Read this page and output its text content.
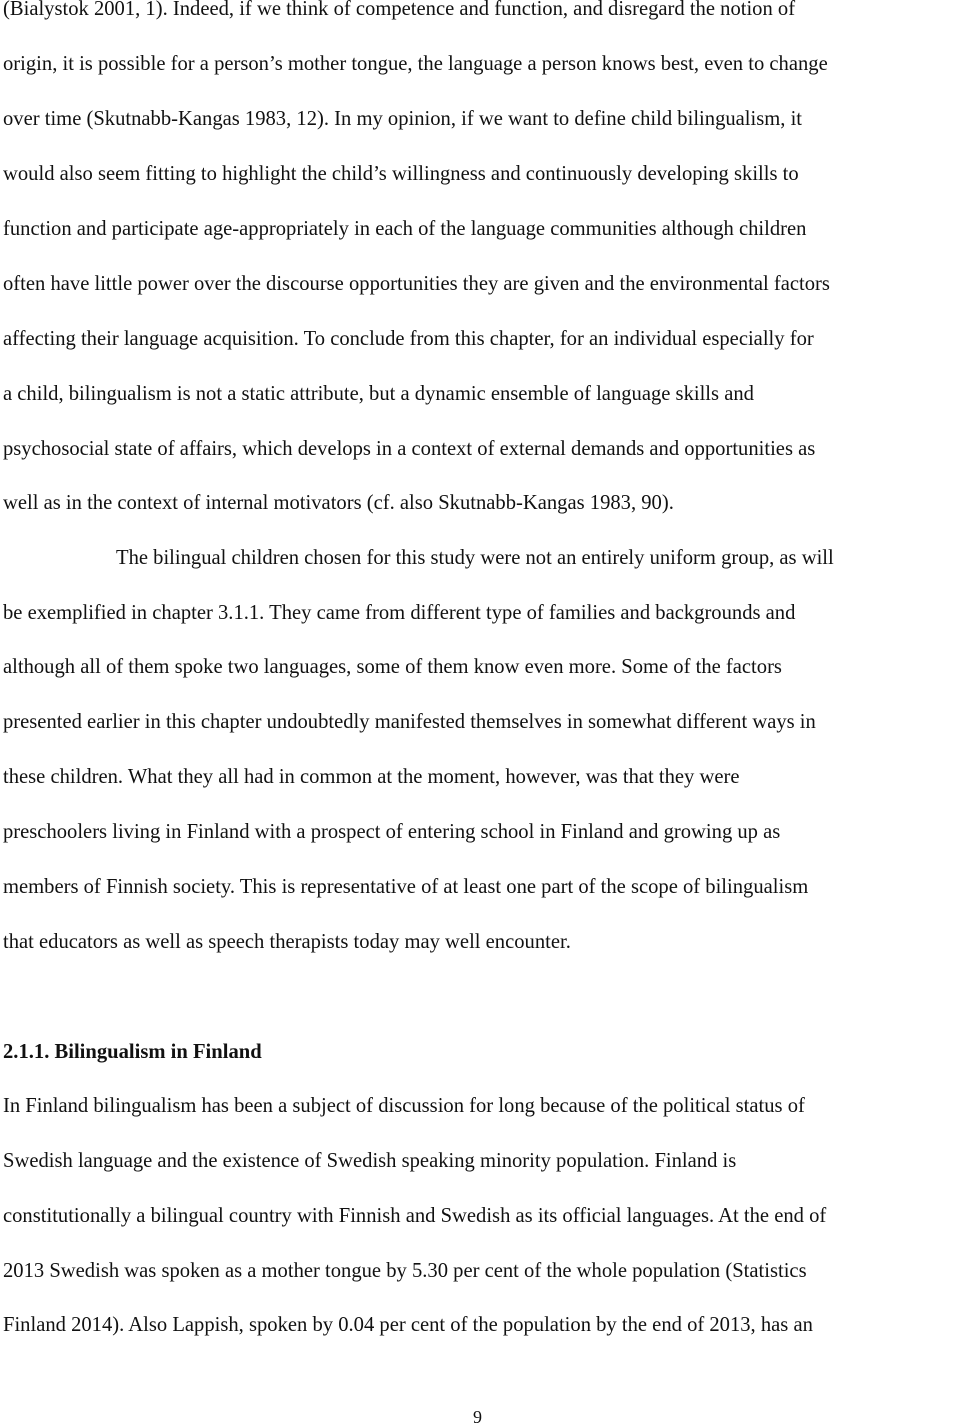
(Bialystok 2001, 1). Indeed, if we think of competence and function, and disregard the notion of
origin, it is possible for a person’s mother tongue, the language a person knows best, even to change
over time (Skutnabb-Kangas 1983, 12). In my opinion, if we want to define child bilingualism, it
would also seem fitting to highlight the child’s willingness and continuously developing skills to
function and participate age-appropriately in each of the language communities although children
often have little power over the discourse opportunities they are given and the environmental factors
affecting their language acquisition. To conclude from this chapter, for an individual especially for
a child, bilingualism is not a static attribute, but a dynamic ensemble of language skills and
psychosocial state of affairs, which develops in a context of external demands and opportunities as
well as in the context of internal motivators (cf. also Skutnabb-Kangas 1983, 90).
The bilingual children chosen for this study were not an entirely uniform group, as will
be exemplified in chapter 3.1.1. They came from different type of families and backgrounds and
although all of them spoke two languages, some of them know even more. Some of the factors
presented earlier in this chapter undoubtedly manifested themselves in somewhat different ways in
these children. What they all had in common at the moment, however, was that they were
preschoolers living in Finland with a prospect of entering school in Finland and growing up as
members of Finnish society. This is representative of at least one part of the scope of bilingualism
that educators as well as speech therapists today may well encounter.
2.1.1. Bilingualism in Finland
In Finland bilingualism has been a subject of discussion for long because of the political status of
Swedish language and the existence of Swedish speaking minority population. Finland is
constitutionally a bilingual country with Finnish and Swedish as its official languages. At the end of
2013 Swedish was spoken as a mother tongue by 5.30 per cent of the whole population (Statistics
Finland 2014). Also Lappish, spoken by 0.04 per cent of the population by the end of 2013, has an
9
